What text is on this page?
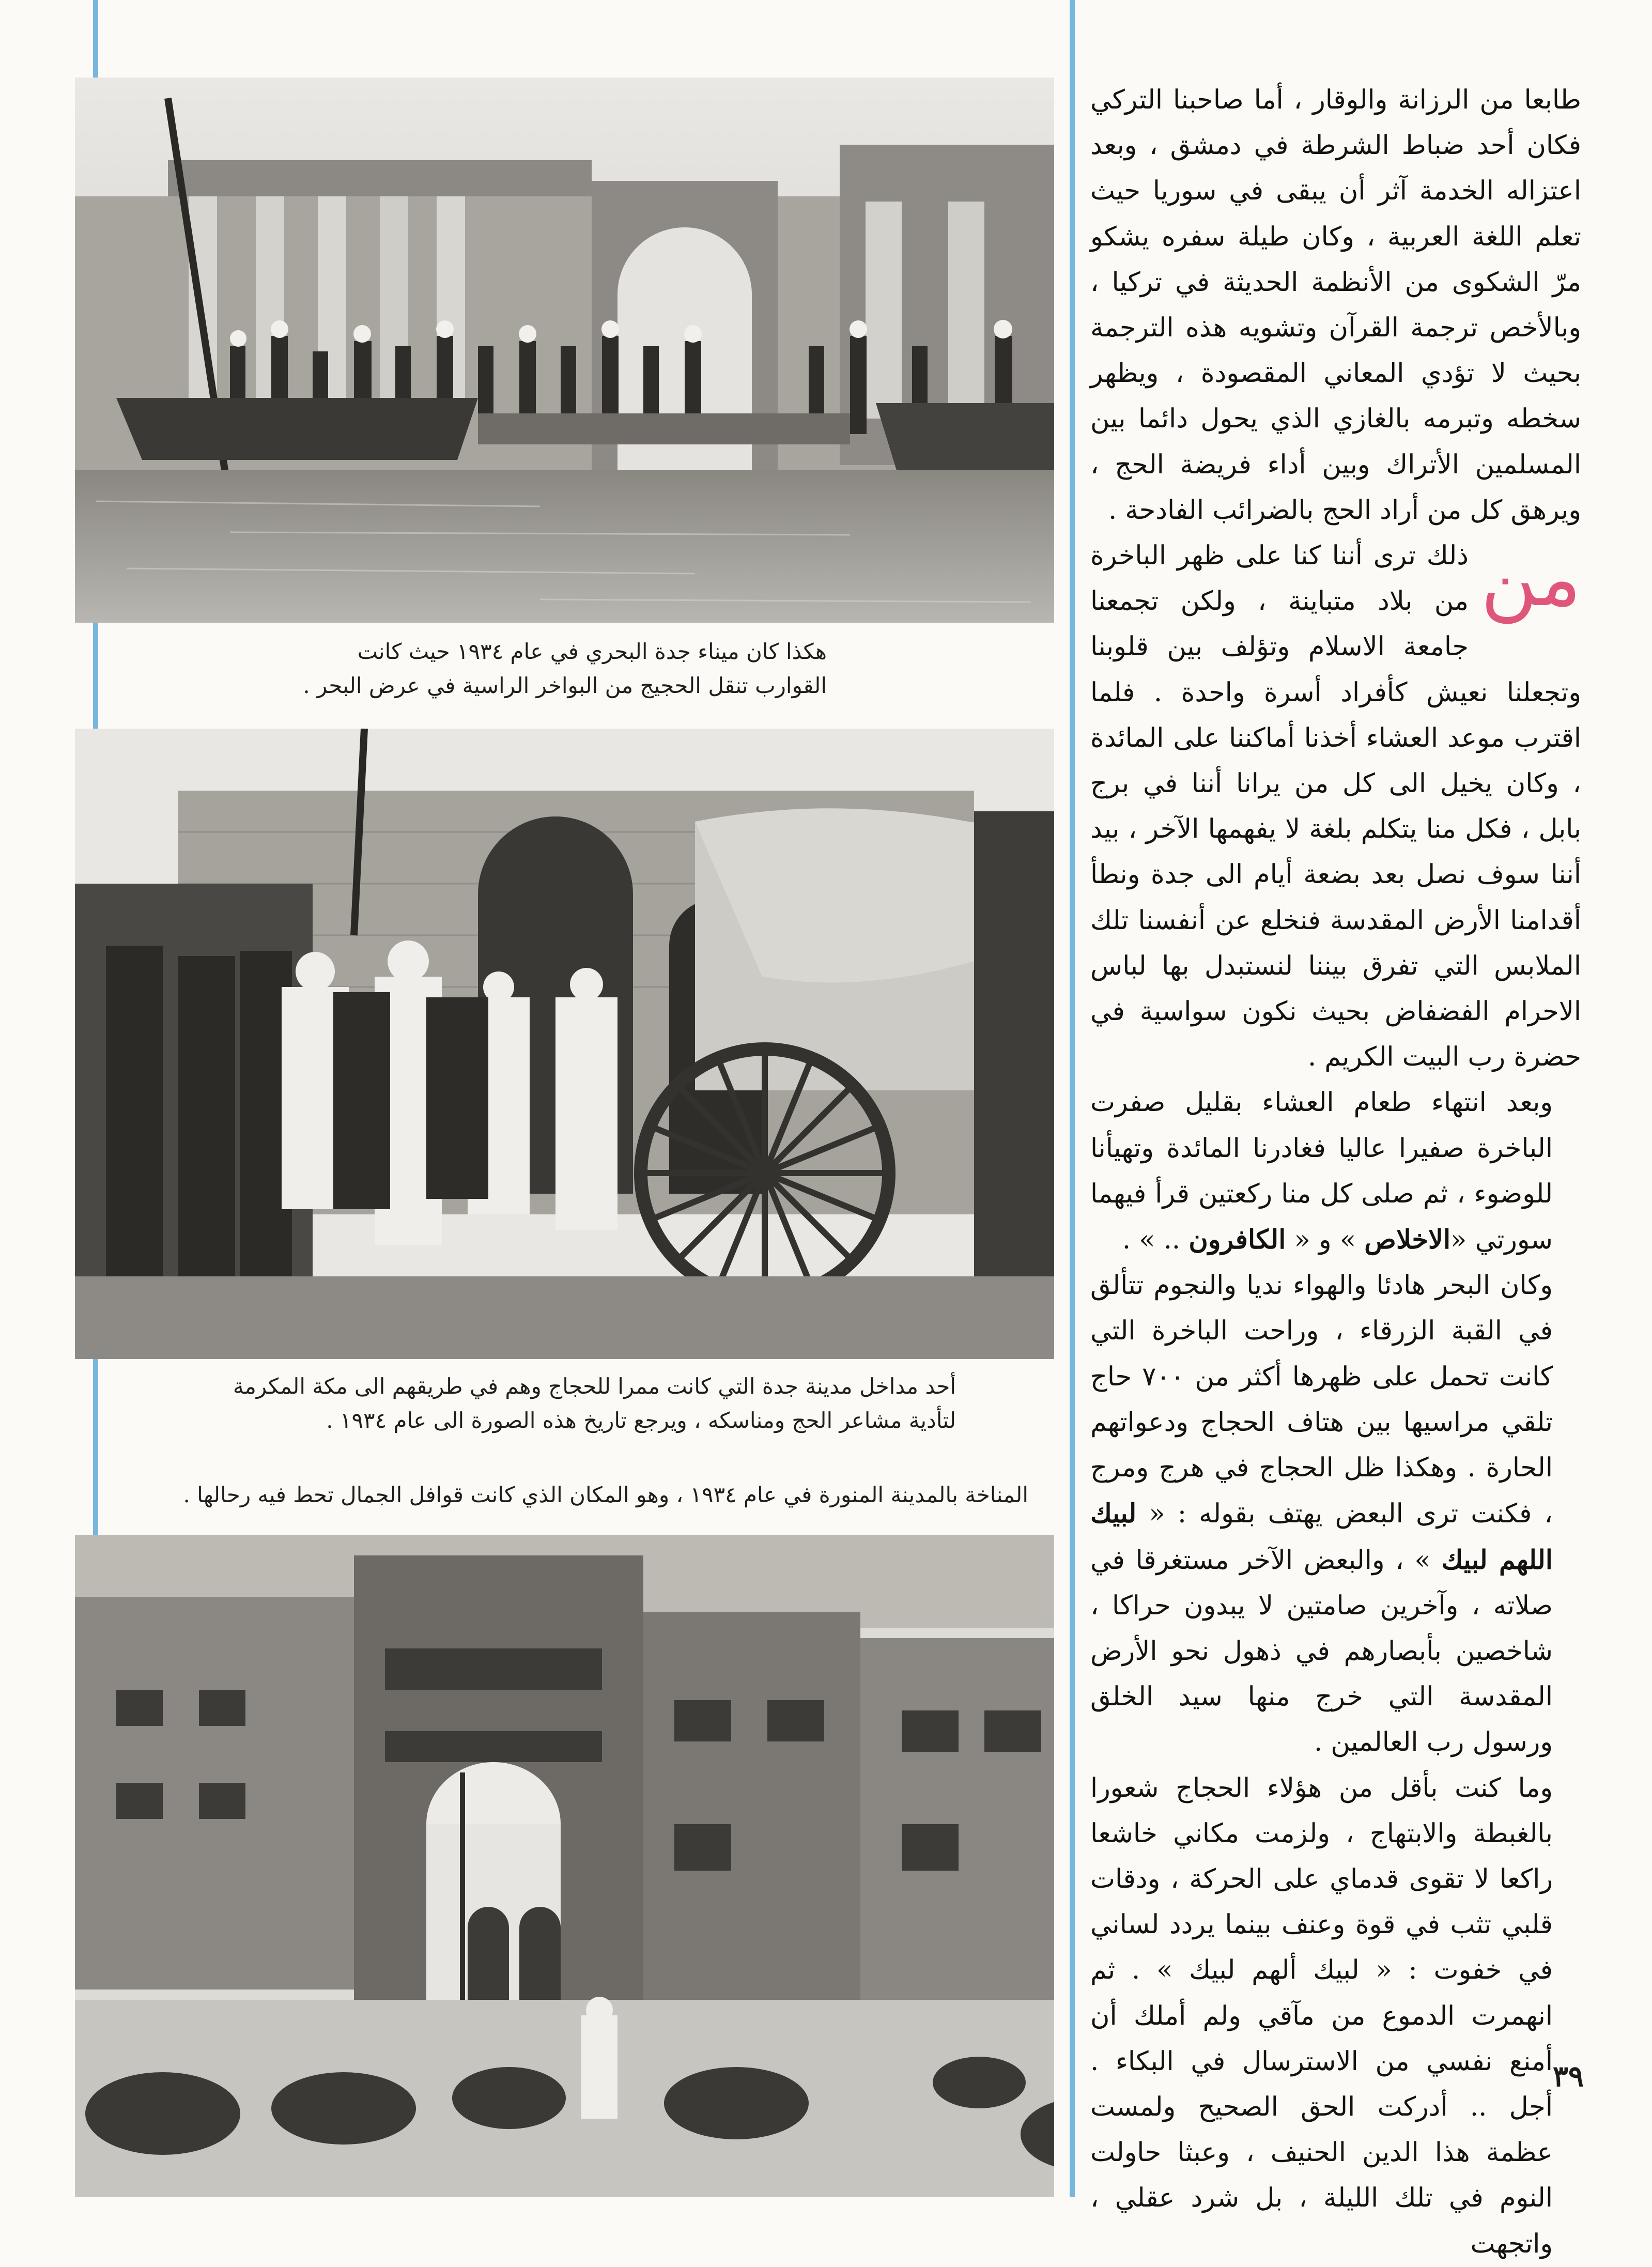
هكذا كان ميناء جدة البحري في عام ١٩٣٤ حيث كانت

القوارب تنقل الحجيج من البواخر الراسية في عرض البحر .

أحد مداخل مدينة جدة التي كانت ممرا للحجاج وهم في طريقهم الى مكة المكرمة

لتأدية مشاعر الحج ومناسكه ، ويرجع تاريخ هذه الصورة الى عام ١٩٣٤ .

المناخة بالمدينة المنورة في عام ١٩٣٤ ، وهو المكان الذي كانت قوافل الجمال تحط فيه رحالها .

طابعا من الرزانة والوقار ، أما صاحبنا التركي فكان أحد ضباط الشرطة في دمشق ، وبعد اعتزاله الخدمة آثر أن يبقى في سوريا حيث تعلم اللغة العربية ، وكان طيلة سفره يشكو مرّ الشكوى من الأنظمة الحديثة في تركيا ، وبالأخص ترجمة القرآن وتشويه هذه الترجمة بحيث لا تؤدي المعاني المقصودة ، ويظهر سخطه وتبرمه بالغازي الذي يحول دائما بين المسلمين الأتراك وبين أداء فريضة الحج ، ويرهق كل من أراد الحج بالضرائب الفادحة .

من

ذلك ترى أننا كنا على ظهر الباخرة من بلاد متباينة ، ولكن تجمعنا جامعة الاسلام وتؤلف بين قلوبنا وتجعلنا نعيش كأفراد أسرة واحدة . فلما اقترب موعد العشاء أخذنا أماكننا على المائدة ، وكان يخيل الى كل من يرانا أننا في برج بابل ، فكل منا يتكلم بلغة لا يفهمها الآخر ، بيد أننا سوف نصل بعد بضعة أيام الى جدة ونطأ أقدامنا الأرض المقدسة فنخلع عن أنفسنا تلك الملابس التي تفرق بيننا لنستبدل بها لباس الاحرام الفضفاض بحيث نكون سواسية في حضرة رب البيت الكريم .

وبعد انتهاء طعام العشاء بقليل صفرت الباخرة صفيرا عاليا فغادرنا المائدة وتهيأنا للوضوء ، ثم صلى كل منا ركعتين قرأ فيهما سورتي «الاخلاص » و « الكافرون .. » .

وكان البحر هادئا والهواء نديا والنجوم تتألق في القبة الزرقاء ، وراحت الباخرة التي كانت تحمل على ظهرها أكثر من ٧٠٠ حاج تلقي مراسيها بين هتاف الحجاج ودعواتهم الحارة . وهكذا ظل الحجاج في هرج ومرج ، فكنت ترى البعض يهتف بقوله : « لبيك اللهم لبيك » ، والبعض الآخر مستغرقا في صلاته ، وآخرين صامتين لا يبدون حراكا ، شاخصين بأبصارهم في ذهول نحو الأرض المقدسة التي خرج منها سيد الخلق ورسول رب العالمين .

وما كنت بأقل من هؤلاء الحجاج شعورا بالغبطة والابتهاج ، ولزمت مكاني خاشعا راكعا لا تقوى قدماي على الحركة ، ودقات قلبي تثب في قوة وعنف بينما يردد لساني في خفوت : « لبيك ألهم لبيك » . ثم انهمرت الدموع من مآقي ولم أملك أن أمنع نفسي من الاسترسال في البكاء . أجل .. أدركت الحق الصحيح ولمست عظمة هذا الدين الحنيف ، وعبثا حاولت النوم في تلك الليلة ، بل شرد عقلي ، واتجهت

٣٩
